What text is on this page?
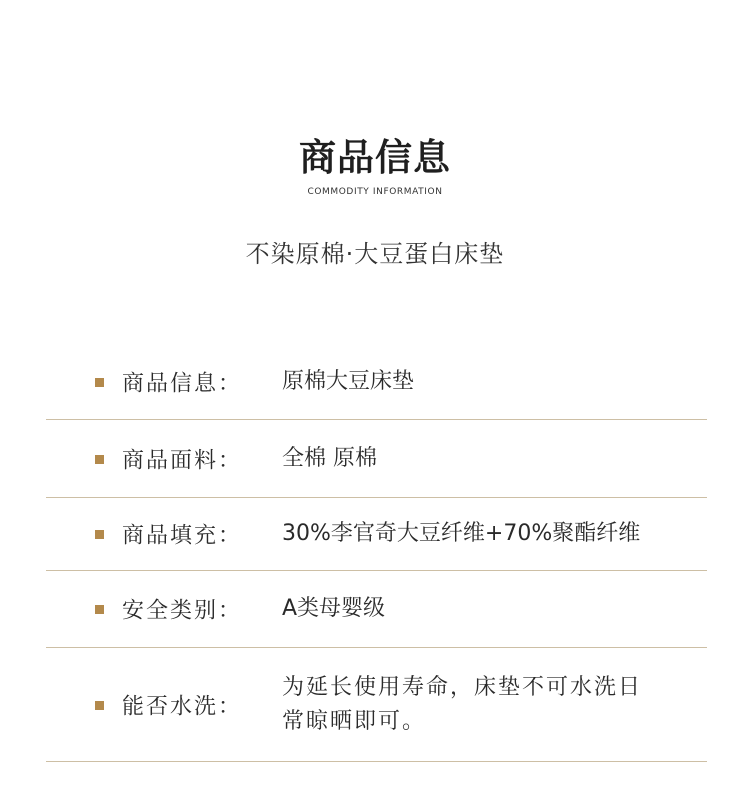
商品信息
COMMODITY INFORMATION
不染原棉·大豆蛋白床垫
商品信息： 原棉大豆床垫
商品面料： 全棉 原棉
商品填充： 30%李官奇大豆纤维+70%聚酯纤维
安全类别： A类母婴级
能否水洗：
为延长使用寿命，床垫不可水洗日常晾晒即可。
